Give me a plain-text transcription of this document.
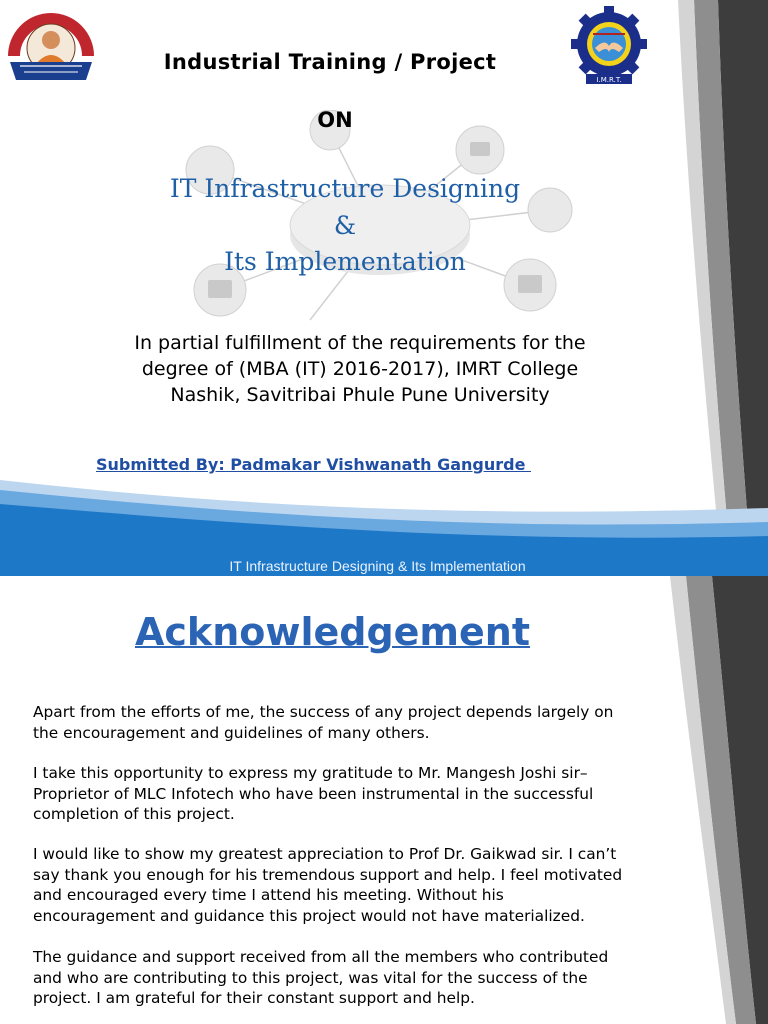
I.M.R.T.
Industrial Training / Project
ON
IT Infrastructure Designing
&
Its Implementation
In partial fulfillment of the requirements for the
degree of (MBA (IT) 2016-2017), IMRT College
Nashik, Savitribai Phule Pune University
Submitted By: Padmakar Vishwanath Gangurde
IT Infrastructure Designing & Its Implementation
Acknowledgement
Apart from the efforts of me, the success of any project depends largely on
the encouragement and guidelines of many others.
I take this opportunity to express my gratitude to Mr. Mangesh Joshi sir–
Proprietor of MLC Infotech who have been instrumental in the successful
completion of this project.
I would like to show my greatest appreciation to Prof Dr. Gaikwad sir. I can’t
say thank you enough for his tremendous support and help. I feel motivated
and encouraged every time I attend his meeting. Without his
encouragement and guidance this project would not have materialized.
The guidance and support received from all the members who contributed
and who are contributing to this project, was vital for the success of the
project. I am grateful for their constant support and help.
